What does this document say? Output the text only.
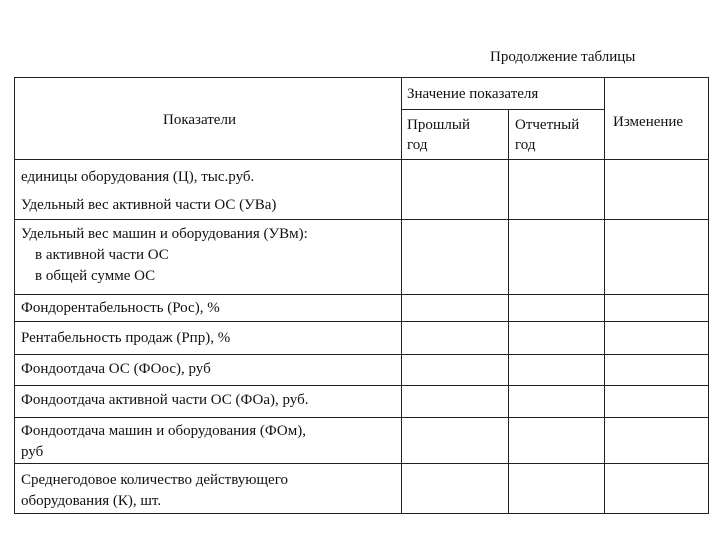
Продолжение таблицы
Показатели
Значение показателя
Прошлый
год
Отчетный
год
Изменение
единицы оборудования (Ц), тыс.руб.
Удельный вес активной части ОС (УВа)
Удельный вес машин и оборудования (УВм):
в активной части ОС
в общей сумме ОС
Фондорентабельность (Рос), %
Рентабельность продаж (Рпр), %
Фондоотдача ОС (ФОос), руб
Фондоотдача активной части ОС (ФОа), руб.
Фондоотдача машин и оборудования (ФОм),
руб
Среднегодовое количество действующего
оборудования (К), шт.
